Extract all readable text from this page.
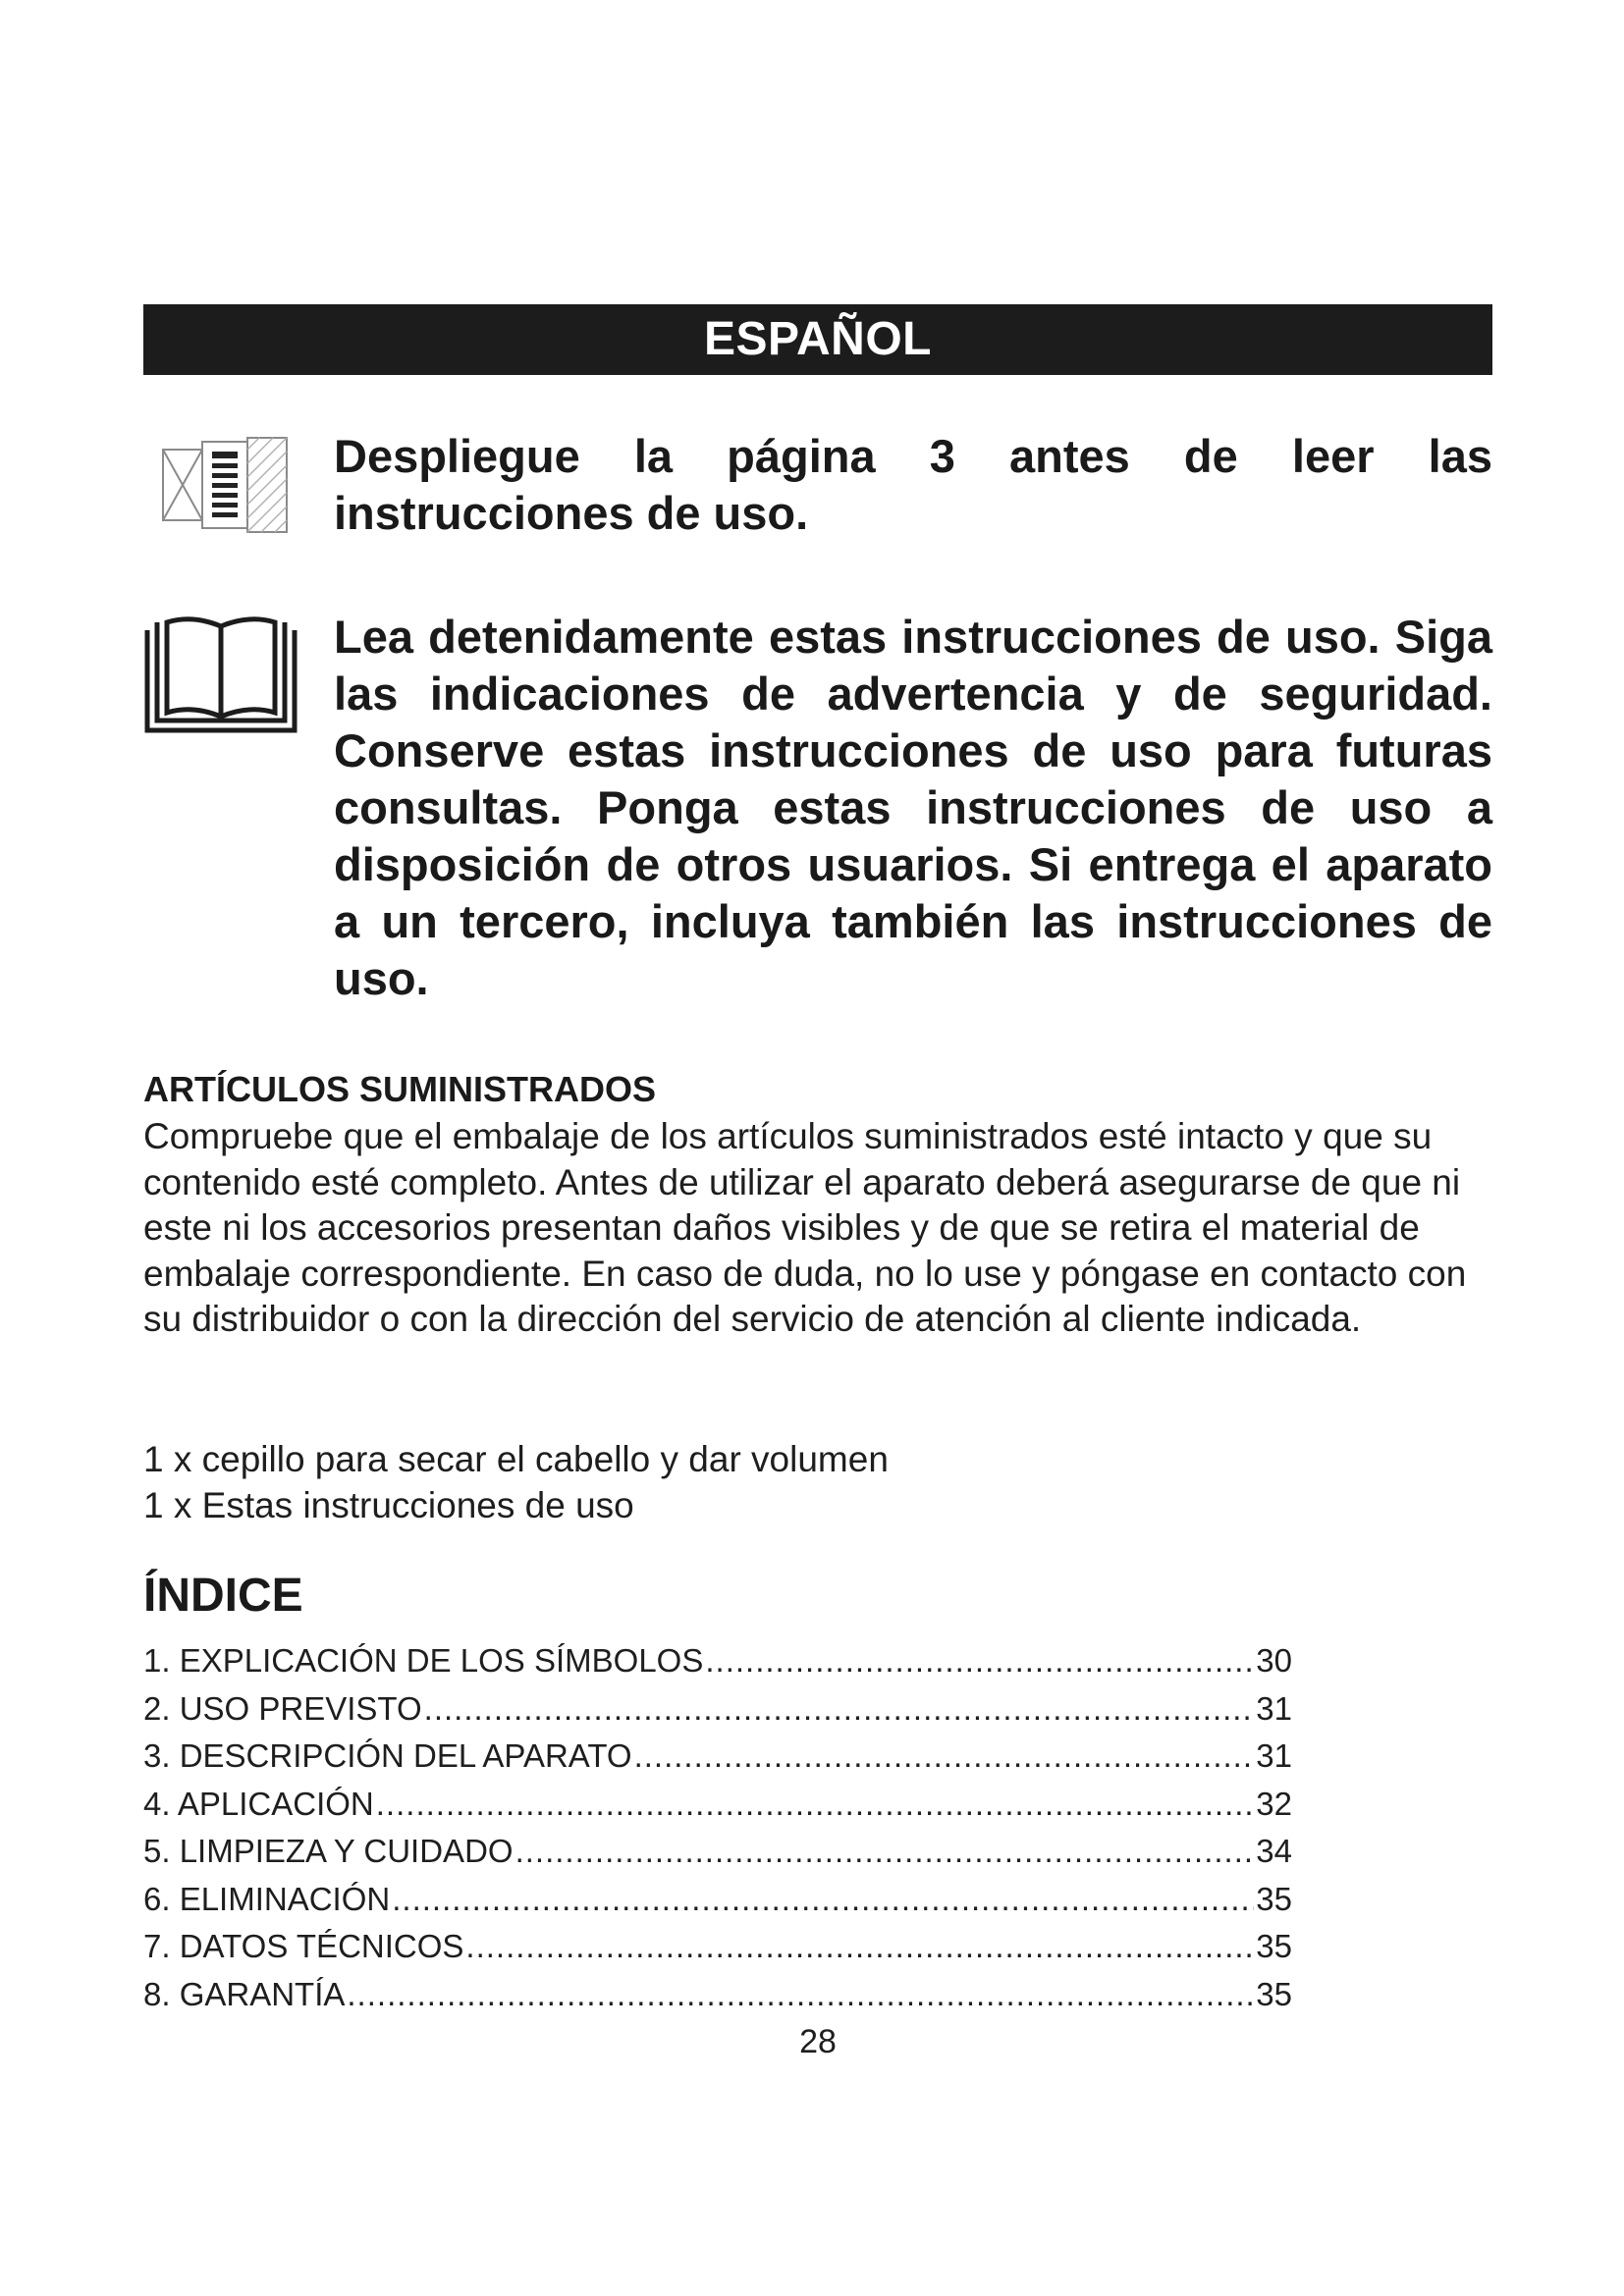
ESPAÑOL
Despliegue la página 3 antes de leer las instrucciones de uso.
Lea detenidamente estas instrucciones de uso. Siga las indicaciones de advertencia y de seguridad. Conserve estas instrucciones de uso para futuras consultas. Ponga estas instrucciones de uso a disposición de otros usuarios. Si entrega el aparato a un tercero, incluya también las instrucciones de uso.
ARTÍCULOS SUMINISTRADOS
Compruebe que el embalaje de los artículos suministrados esté intacto y que su contenido esté completo. Antes de utilizar el aparato deberá asegurarse de que ni este ni los accesorios presentan daños visibles y de que se retira el material de embalaje correspondiente. En caso de duda, no lo use y póngase en contacto con su distribuidor o con la dirección del servicio de atención al cliente indicada.
1 x cepillo para secar el cabello y dar volumen
1 x Estas instrucciones de uso
ÍNDICE
1. EXPLICACIÓN DE LOS SÍMBOLOS .....	30
2. USO PREVISTO .....	31
3. DESCRIPCIÓN DEL APARATO .....	31
4. APLICACIÓN .....	32
5. LIMPIEZA Y CUIDADO .....	34
6. ELIMINACIÓN .....	35
7. DATOS TÉCNICOS .....	35
8. GARANTÍA .....	35
28
